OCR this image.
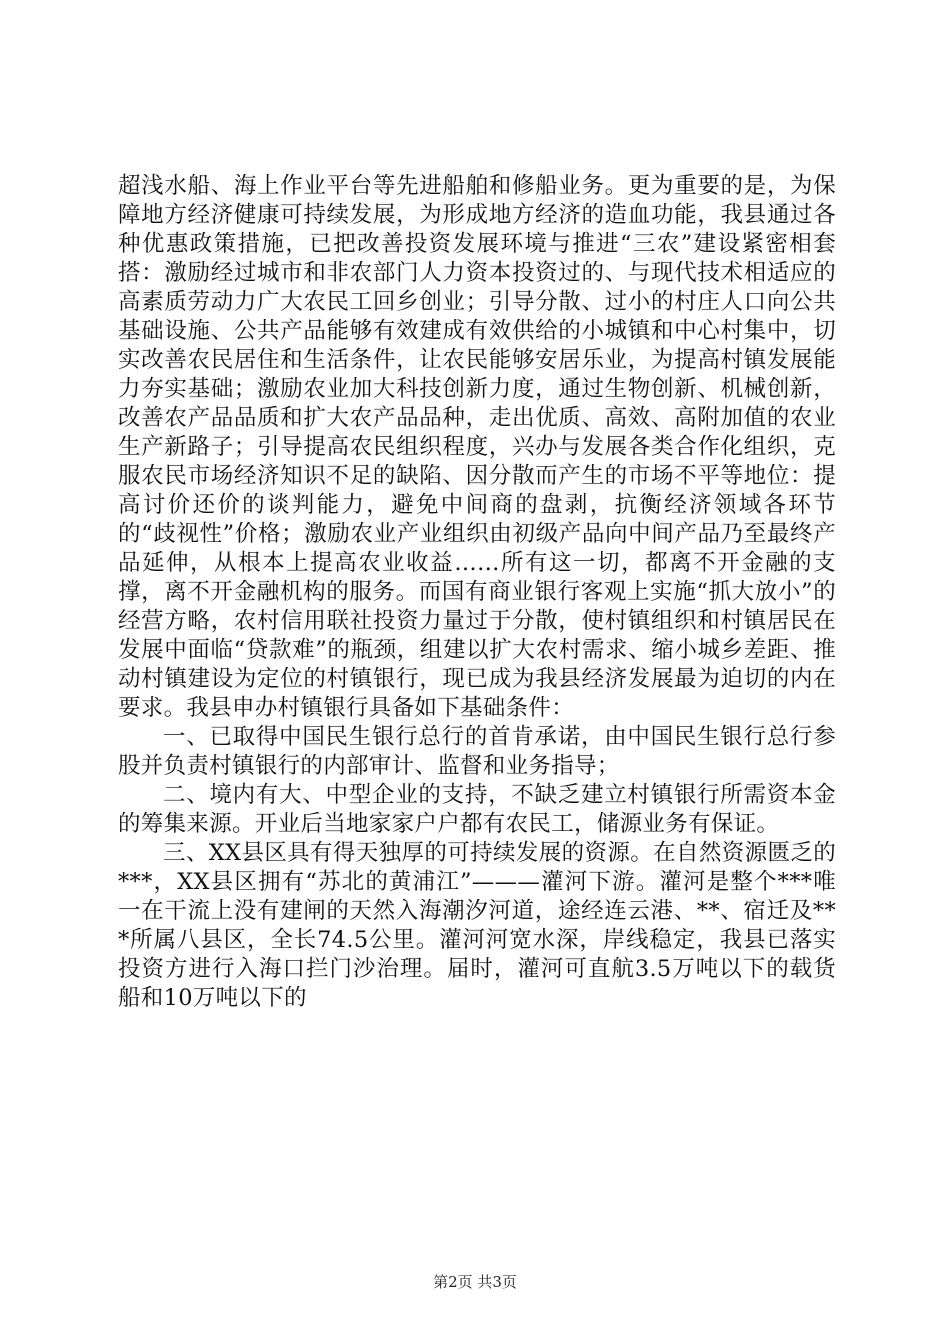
超浅水船、海上作业平台等先进船舶和修船业务。更为重要的是，为保障地方经济健康可持续发展，为形成地方经济的造血功能，我县通过各种优惠政策措施，已把改善投资发展环境与推进“三农”建设紧密相套搭：激励经过城市和非农部门人力资本投资过的、与现代技术相适应的高素质劳动力广大农民工回乡创业；引导分散、过小的村庄人口向公共基础设施、公共产品能够有效建成有效供给的小城镇和中心村集中，切实改善农民居住和生活条件，让农民能够安居乐业，为提高村镇发展能力夯实基础；激励农业加大科技创新力度，通过生物创新、机械创新，改善农产品品质和扩大农产品品种，走出优质、高效、高附加值的农业生产新路子；引导提高农民组织程度，兴办与发展各类合作化组织，克服农民市场经济知识不足的缺陷、因分散而产生的市场不平等地位：提高讨价还价的谈判能力，避免中间商的盘剥，抗衡经济领域各环节的“歧视性”价格；激励农业产业组织由初级产品向中间产品乃至最终产品延伸，从根本上提高农业收益……所有这一切，都离不开金融的支撑，离不开金融机构的服务。而国有商业银行客观上实施“抓大放小”的经营方略，农村信用联社投资力量过于分散，使村镇组织和村镇居民在发展中面临“贷款难”的瓶颈，组建以扩大农村需求、缩小城乡差距、推动村镇建设为定位的村镇银行，现已成为我县经济发展最为迫切的内在要求。我县申办村镇银行具备如下基础条件：

一、已取得中国民生银行总行的首肯承诺，由中国民生银行总行参股并负责村镇银行的内部审计、监督和业务指导；

二、境内有大、中型企业的支持，不缺乏建立村镇银行所需资本金的筹集来源。开业后当地家家户户都有农民工，储源业务有保证。

三、XX县区具有得天独厚的可持续发展的资源。在自然资源匮乏的***，XX县区拥有“苏北的黄浦江”———灌河下游。灌河是整个***唯一在干流上没有建闸的天然入海潮汐河道，途经连云港、**、宿迁及***所属八县区，全长74.5公里。灌河河宽水深，岸线稳定，我县已落实投资方进行入海口拦门沙治理。届时，灌河可直航3.5万吨以下的载货船和10万吨以下的

第2页 共3页
